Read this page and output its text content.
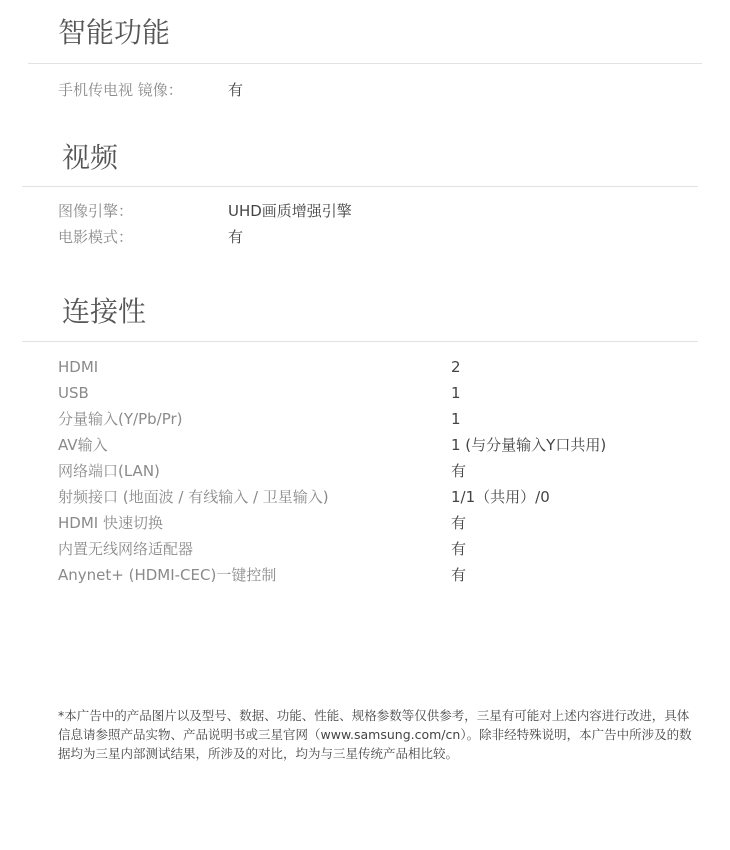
智能功能
手机传电视 镜像：	有
视频
图像引擎：	UHD画质增强引擎
电影模式：	有
连接性
HDMI	2
USB	1
分量输入(Y/Pb/Pr)	1
AV输入	1 (与分量输入Y口共用)
网络端口(LAN)	有
射频接口 (地面波 / 有线输入 / 卫星输入)	1/1（共用）/0
HDMI 快速切换	有
内置无线网络适配器	有
Anynet+ (HDMI-CEC)一键控制	有

*本广告中的产品图片以及型号、数据、功能、性能、规格参数等仅供参考，三星有可能对上述内容进行改进，具体信息请参照产品实物、产品说明书或三星官网（www.samsung.com/cn）。除非经特殊说明，本广告中所涉及的数据均为三星内部测试结果，所涉及的对比，均为与三星传统产品相比较。
